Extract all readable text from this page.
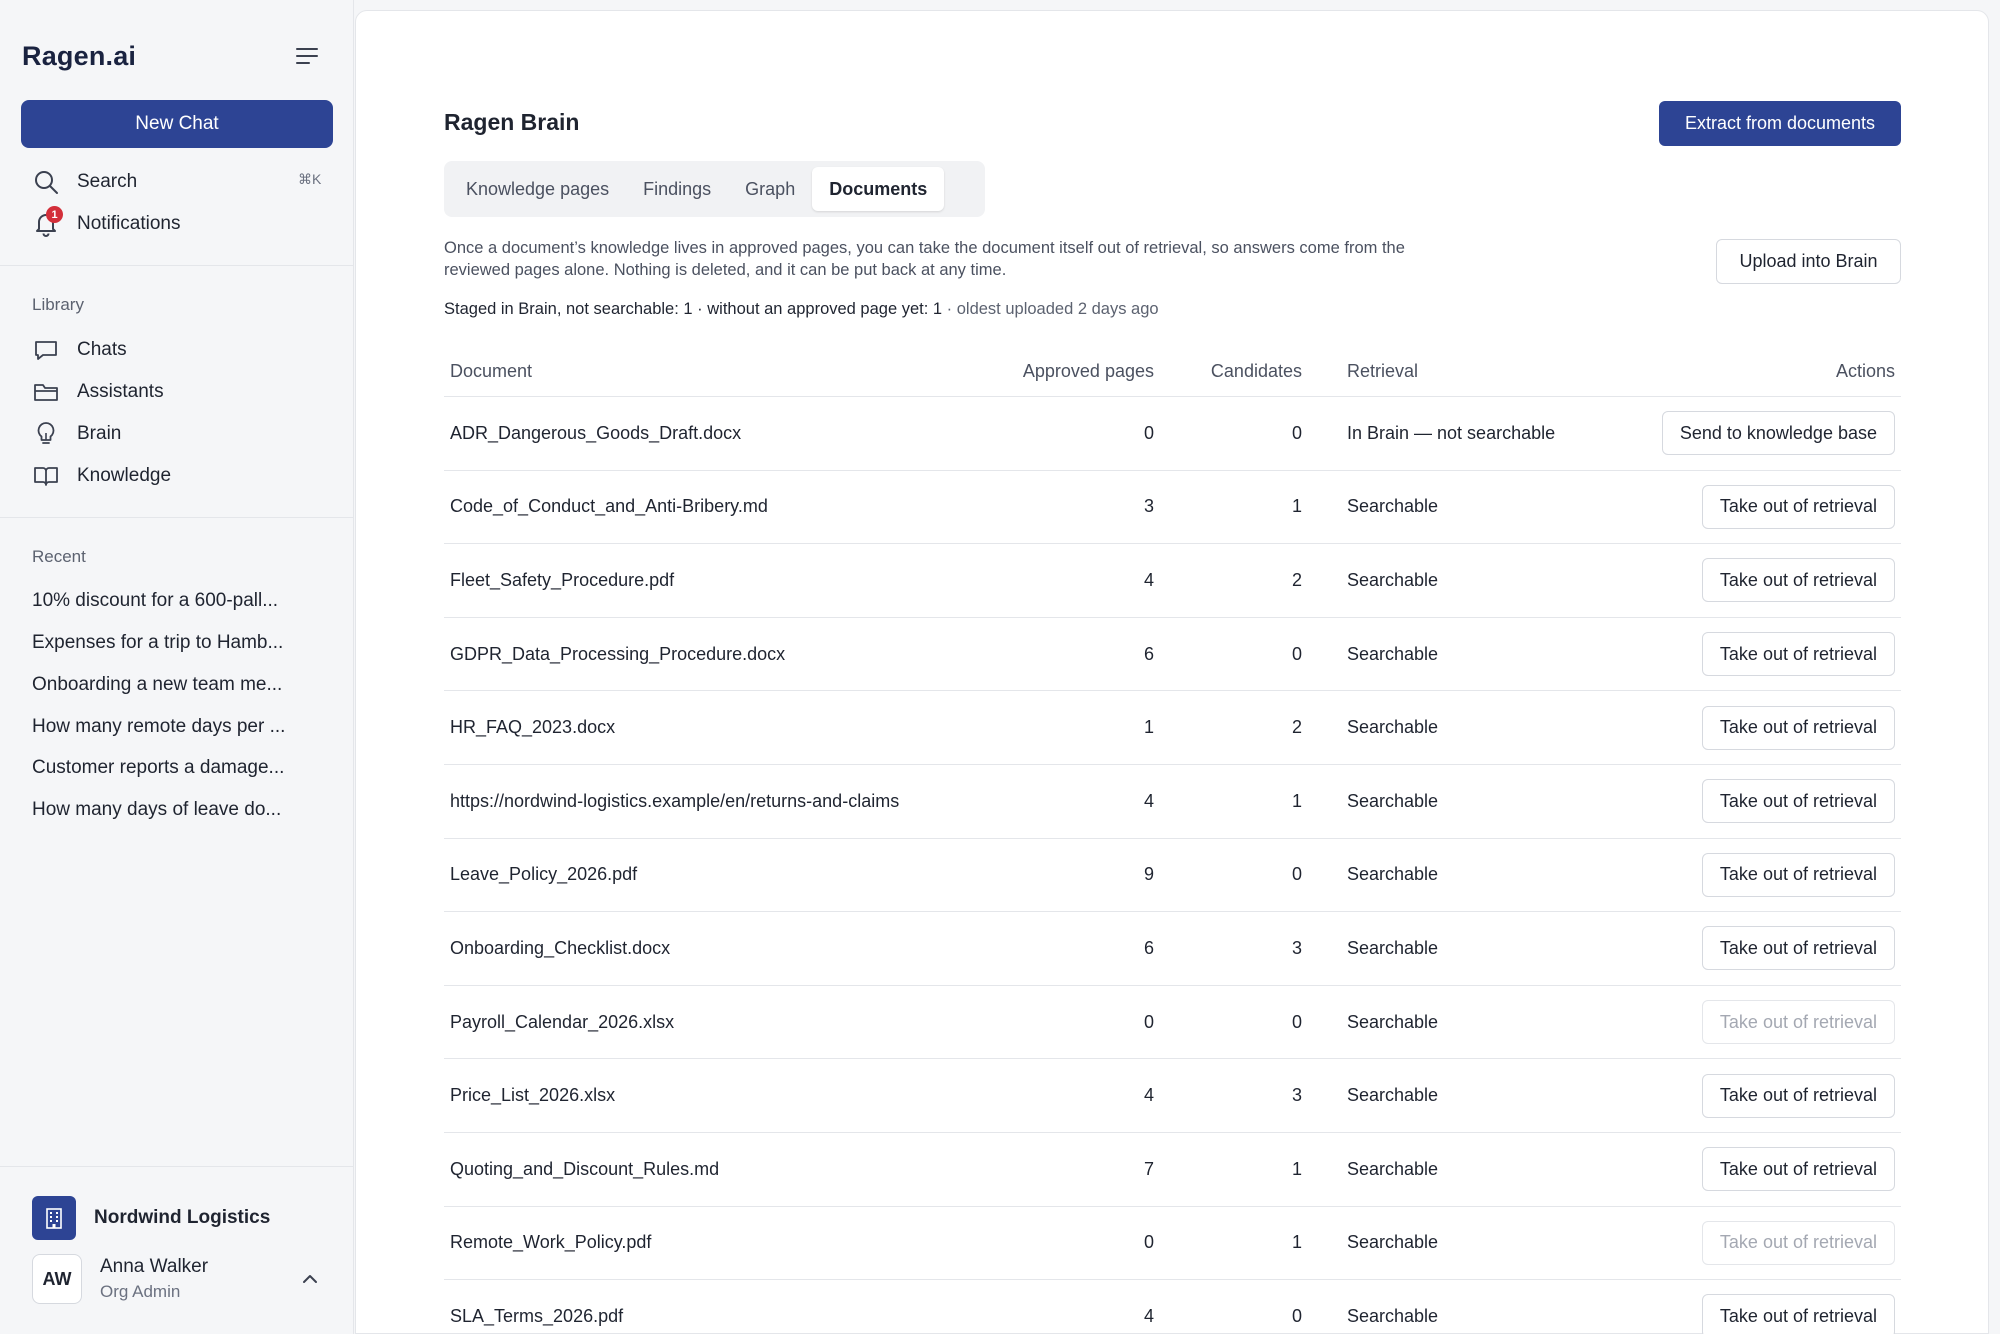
Ragen.ai
New Chat
Search	⌘K
1 Notifications
Library
Chats
Assistants
Brain
Knowledge
Recent
10% discount for a 600-pall...
Expenses for a trip to Hamb...
Onboarding a new team me...
How many remote days per ...
Customer reports a damage...
How many days of leave do...
Nordwind Logistics
AW
Anna Walker
Org Admin
Ragen Brain	Extract from documents
Knowledge pages	Findings	Graph	Documents

Once a document’s knowledge lives in approved pages, you can take the document itself out of retrieval, so answers come from the reviewed pages alone. Nothing is deleted, and it can be put back at any time.	Upload into Brain
Staged in Brain, not searchable: 1 · without an approved page yet: 1 · oldest uploaded 2 days ago
Document	Approved pages	Candidates	Retrieval	Actions
ADR_Dangerous_Goods_Draft.docx	0	0	In Brain — not searchable	Send to knowledge base
Code_of_Conduct_and_Anti-Bribery.md	3	1	Searchable	Take out of retrieval
Fleet_Safety_Procedure.pdf	4	2	Searchable	Take out of retrieval
GDPR_Data_Processing_Procedure.docx	6	0	Searchable	Take out of retrieval
HR_FAQ_2023.docx	1	2	Searchable	Take out of retrieval
https://nordwind-logistics.example/en/returns-and-claims	4	1	Searchable	Take out of retrieval
Leave_Policy_2026.pdf	9	0	Searchable	Take out of retrieval
Onboarding_Checklist.docx	6	3	Searchable	Take out of retrieval
Payroll_Calendar_2026.xlsx	0	0	Searchable	Take out of retrieval
Price_List_2026.xlsx	4	3	Searchable	Take out of retrieval
Quoting_and_Discount_Rules.md	7	1	Searchable	Take out of retrieval
Remote_Work_Policy.pdf	0	1	Searchable	Take out of retrieval
SLA_Terms_2026.pdf	4	0	Searchable	Take out of retrieval
